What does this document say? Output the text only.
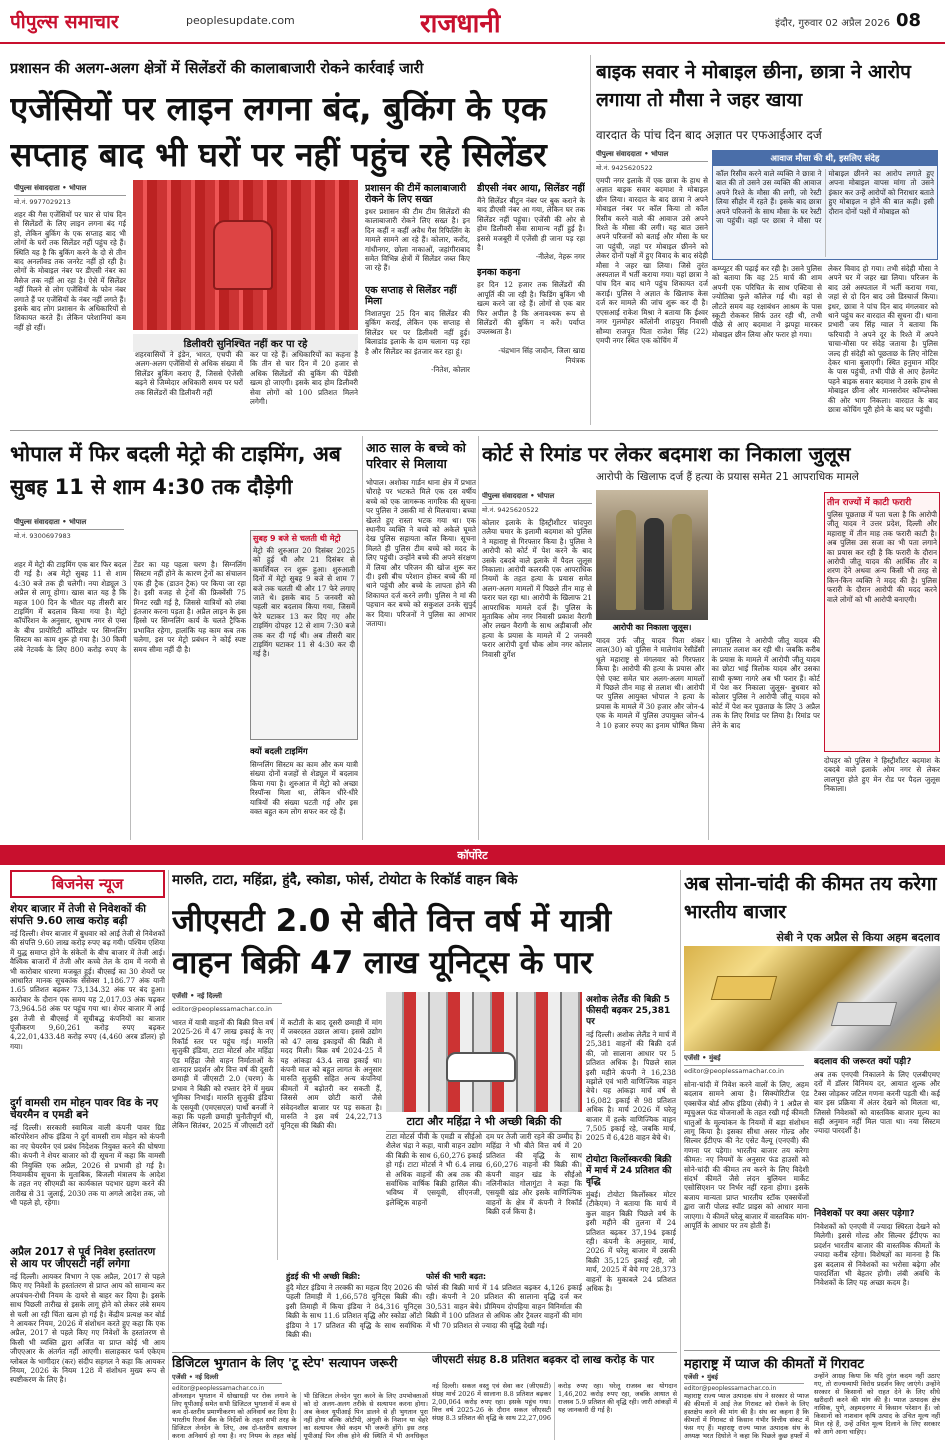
पीपुल्स समाचार	peoplesupdate.com	राजधानी	इंदौर, गुरुवार 02 अप्रैल 2026 08
प्रशासन की अलग-अलग क्षेत्रों में सिलेंडरों की कालाबाजारी रोकने कार्रवाई जारी
एजेंसियों पर लाइन लगना बंद, बुकिंग के एक सप्ताह बाद भी घरों पर नहीं पहुंच रहे सिलेंडर
पीपुल्स संवाददाता • भोपाल
मो.नं. 9977029213
शहर की गैस एजेंसियों पर चार से पांच दिन से सिलेंडरों के लिए लाइन लगना बंद गई हो, लेकिन बुकिंग के एक सप्ताह बाद भी लोगों के घरों तक सिलेंडर नहीं पहुंच रहे हैं। स्थिति यह है कि बुकिंग करने के दो से तीन बाद अनलॉक्ड तक जनरेट नहीं हो रही है। लोगों के मोबाइल नंबर पर डीएसी नंबर का मैसेज तक नहीं आ रहा है। ऐसे में सिलेंडर नहीं मिलने से लोग एजेंसियों के फोन नंबर लगाते हैं पर एजेंसियों के नंबर नहीं लगते हैं। इसके बाद लोग प्रशासन के अधिकारियों से शिकायत करते हैं। लेकिन परेशानियां कम नहीं हो रहीं।
डिलीवरी सुनिश्चित नहीं कर पा रहे
शहरवासियों ने इंडेन, भारत, एचपी की अलग-अलग एजेंसियों से अधिक संख्या में सिलेंडर बुकिंग कराए हैं, जिससे ऐजेंसी बढ़ने से जिम्मेदार अधिकारी समय पर घरों तक सिलेंडरों की डिलीवरी नहीं
कर पा रहे हैं। अधिकारियों का कहना है कि तीन से चार दिन में 20 हजार से अधिक सिलेंडरों की बुकिंग की पेंडेंसी खत्म हो जाएगी। इसके बाद होम डिलीवरी सेवा लोगों को 100 प्रतिशत मिलने लगेगी।
प्रशासन की टीमें कालाबाजारी रोकने के लिए सख्त
इधर प्रशासन की टीम टीम सिलेंडरों की कालाबाजारी रोकने लिए सख्त है। इन दिन कहीं न कहीं अवैध गैस रिफिलिंग के मामले सामने आ रहे हैं। कोलार, करोंद, गांधीनगर, छोला नाकाओं, जहांगीराबाद समेत विभिन्न क्षेत्रों में सिलेंडर जब्त किए जा रहे हैं।
एक सप्ताह से सिलेंडर नहीं मिला
निशातपुरा 25 दिन बाद सिलेंडर की बुकिंग कराई, लेकिन एक सप्ताह से सिलेंडर घर पर डिलीवरी नहीं हुई। बिलाडांड इलाके के दाम चलाना पड़ रहा है और सिलेंडर का इंतजार कर रहा हूं।
-नितेश, कोलार
डीएसी नंबर आया, सिलेंडर नहीं
मैंने सिलेंडर बीटुन नंबर पर बुक कराने के बाद डीएसी नंबर आ गया, लेकिन घर तक सिलेंडर नहीं पहुंचा। एजेंसी की ओर से होम डिलीवरी सेवा सामान्य नहीं हुई है। इससे मजबूरी में एजेंसी ही जाना पड़ रहा है।
-नीलेश, नेहरू नगर
इनका कहना
हर दिन 12 हजार तक सिलेंडरों की आपूर्ति की जा रही है। फिडिंग बुकिंग भी खत्म करने जा रहे हैं। लोगों से एक बार फिर अपील है कि अनावश्यक रूप से सिलेंडरों की बुकिंग न करें। पर्याप्त उपलब्धता है।
-चंद्रभान सिंह जादौन, जिला खाद्य नियंत्रक
बाइक सवार ने मोबाइल छीना, छात्रा ने आरोप लगाया तो मौसा ने जहर खाया
वारदात के पांच दिन बाद अज्ञात पर एफआईआर दर्ज
पीपुल्स संवाददाता • भोपाल
मो.नं. 9425620522
एमपी नगर इलाके में एक छात्रा के हाथ से अज्ञात बाइक सवार बदमाश ने मोबाइल छीन लिया। वारदात के बाद छात्रा ने अपने मोबाइल नंबर पर कॉल किया तो कॉल रिसीव करने वाले की आवाज उसे अपने रिश्ते के मौसा की लगी। यह बात उसने अपने परिजनों को बताई और मौसा के घर जा पहुंची, जहां पर मोबाइल छीनने को लेकर दोनों पक्षों में हुए विवाद के बाद संदेही मौसा ने जहर खा लिया। जिसे तुरंत अस्पताल में भर्ती कराया गया। यहां छात्रा ने पांच दिन बाद थाने पहुंच शिकायत दर्ज कराई। पुलिस ने अज्ञात के खिलाफ केस दर्ज कर मामले की जांच शुरू कर दी है। एएसआई राकेश मिश्रा ने बताया कि ईश्वर नगर गुलमोहर कॉलोनी शाहपुरा निवासी सौम्या राजपूत पिता राजेश सिंह (22) एमपी नगर स्थित एक कोचिंग में
आवाज मौसा की थी, इसलिए संदेह
कॉल रिसीव करने वाले व्यक्ति ने छात्रा ने बात की तो उसने उस व्यक्ति की आवाज अपने रिश्ते के मौसा की लगी, जो रेस्टी लिया सीहोर में रहते हैं। इसके बाद छात्रा अपने परिजनों के साथ मौसा के घर रेस्टी जा पहुंची। वहां पर छात्रा ने मौसा पर मोबाइल छीनने का आरोप लगाते हुए अपना मोबाइल वापस मांगा तो उसने इंकार कर उन्हें आरोपों को निराधार बताते हुए मोबाइल न होने की बात कही। इसी दौरान दोनों पक्षों में मोबाइल को
कम्प्यूटर की पढ़ाई कर रही है। उसने पुलिस को बताया कि वह 25 मार्च की शाम अपनी एक परिचित के साथ एक्टिवा से ज्योतिबा फुले कॉलेज गई थी। वहां से लौटते समय वह रक्षाबंधन आश्रम के पास स्कूटी रोककर सिर्फ उतर रही थी, तभी पीछे से आए बदमाश ने झपट्टा मारकर मोबाइल छीन लिया और फरार हो गया।
लेकर विवाद हो गया। तभी संदेही मौसा ने अपने घर में जहर खा लिया। परिजन के बाद उसे अस्पताल में भर्ती कराया गया, जहां से दो दिन बाद उसे डिस्चार्ज किया। इधर, छात्रा ने पांच दिन बाद मंगलवार को थाने पहुंच कर वारदात की सूचना दी। थाना प्रभारी जय सिंह ग्वाल ने बताया कि फरियादी ने अपने दूर के रिश्ते में अपने चाचा-मौसा पर संदेह जताया है। पुलिस जल्द ही संदेही को पूछताछ के लिए नोटिस देकर थाना बुलाएगी। स्थित हनुमान मंदिर के पास पहुंची, तभी पीछे से आए हेलमेट पहने बाइक सवार बदमाश ने उसके हाथ से मोबाइल छीना और मानसरोवर कॉम्प्लेक्स की ओर भाग निकला। वारदात के बाद छात्रा कोचिंग पूरी होने के बाद घर पहुंची।
भोपाल में फिर बदली मेट्रो की टाइमिंग, अब सुबह 11 से शाम 4:30 तक दौड़ेगी
पीपुल्स संवाददाता • भोपाल
मो.नं. 9300697983
शहर में मेट्रो की टाइमिंग एक बार फिर बदल दी गई है। अब मेट्रो सुबह 11 से शाम 4:30 बजे तक ही चलेगी। नया शेड्यूल 3 अप्रैल से लागू होगा। खास बात यह है कि महज 100 दिन के भीतर यह तीसरी बार टाइमिंग में बदलाव किया गया है। मेट्रो कॉर्पोरेशन के अनुसार, सुभाष नगर से एम्स के बीच प्रायोरिटी कॉरिडोर पर सिग्नलिंग सिस्टम का काम शुरू हो गया है। 30 किमी लंबे नेटवर्क के लिए 800 करोड़ रुपए के टेंडर का यह पहला चरण है। सिग्नलिंग सिस्टम नहीं होने के कारण ट्रेनों का संचालन एक ही ट्रैक (डाउन ट्रैक) पर किया जा रहा है। इसी वजह से ट्रेनों की फ्रिक्वेंसी 75 मिनट रखी गई है, जिससे यात्रियों को लंबा इंतजार करना पड़ता है। अप्रैल लाइन के इस हिस्से पर सिग्नलिंग कार्य के चलते ट्रैफिक प्रभावित रहेगा, हालांकि यह काम कब तक चलेगा, इस पर मेट्रो प्रबंधन ने कोई स्पष्ट समय सीमा नहीं दी है।
सुबह 9 बजे से चलती थी मेट्रो
मेट्रो की शुरुआत 20 दिसंबर 2025 को हुई थी और 21 दिसंबर से कमर्शियल रन शुरू हुआ। शुरुआती दिनों में मेट्रो सुबह 9 बजे से शाम 7 बजे तक चलती थी और 17 फेरे लगाए जाते थे। इसके बाद 5 जनवरी को पहली बार बदलाव किया गया, जिसमें फेरे घटाकर 13 कर दिए गए और टाइमिंग दोपहर 12 से शाम 7:30 बजे तक कर दी गई थी। अब तीसरी बार टाइमिंग घटाकर 11 से 4:30 कर दी गई है।
क्यों बदली टाइमिंग
सिग्नलिंग सिस्टम का काम और कम यात्री संख्या दोनों वजहों से शेड्यूल में बदलाव किया गया है। शुरुआत में मेट्रो को अच्छा रिस्पॉन्स मिला था, लेकिन धीरे-धीरे यात्रियों की संख्या घटती गई और इस वक्त बहुत कम लोग सफर कर रहे हैं।
आठ साल के बच्चे को परिवार से मिलाया
भोपाल। अशोका गार्डन थाना क्षेत्र में प्रभात चौराहे पर भटकते मिले एक दस वर्षीय बच्चे को एक जागरूक नागरिक की सूचना पर पुलिस ने उसकी मां से मिलवाया। बच्चा खेलते हुए रास्ता भटक गया था। एक स्थानीय व्यक्ति ने बच्चे को अकेले घूमते देख पुलिस सहायता कॉल किया। सूचना मिलते ही पुलिस टीम बच्चे को मदद के लिए पहुंची। उन्होंने बच्चे की अपने संरक्षण में लिया और परिजन की खोज शुरू कर दी। इसी बीच परेशान होकर बच्चे की मां थाने पहुंची और बच्चे के लापता होने की शिकायत दर्ज करने लगी। पुलिस ने मां की पहचान कर बच्चे को सकुशल उनके सुपुर्द कर दिया। परिजनों ने पुलिस का आभार जताया।
कोर्ट से रिमांड पर लेकर बदमाश का निकाला जुलूस
आरोपी के खिलाफ दर्ज हैं हत्या के प्रयास समेत 21 आपराधिक मामले
पीपुल्स संवाददाता • भोपाल
मो.नं. 9425620522
कोलार इलाके के हिस्ट्रीशीटर चांदपुरा तलैया चमार के इलामी बदमाश को पुलिस ने महाराष्ट्र से गिरफ्तार किया है। पुलिस ने आरोपी को कोर्ट में पेश करने के बाद उसके दबदबे वाले इलाके में पैदल जुलूस निकाला। आरोपी कलरकी एक आपराधिक नियमों के तहत हत्या के प्रयास समेत अलग-अलग मामलों में पिछले तीन माह से फरार चल रहा था। आरोपी के खिलाफ 21 आपराधिक मामले दर्ज हैं। पुलिस के मुताबिक ओम नगर निवासी प्रकाश वैरागी और लखन वैरागी के साथ अड़ीबाजी और हत्या के प्रयास के मामले में 2 जनवरी फरार आरोपी दुर्गा चौक ओम नगर कोलार निवासी दुर्गेश
आरोपी का निकाला जुलूस।
यादव उर्फ जीतू यादव पिता शंकर लाल(30) को पुलिस ने मालेगांव रेसीडेंसी धूले महाराष्ट्र से मंगलवार को गिरफ्तार किया है। आरोपी की हत्या के प्रयास और ऐसे एक्ट समेत चार अलग-अलग मामलों में पिछले तीन माह से तलाश थी। आरोपी पर पुलिस आयुक्त भोपाल ने हत्या के प्रयास के मामले में 30 हजार और जोन-4 एक के मामले में पुलिस उपायुक्त जोन-4 ने 10 हजार रुपए का इनाम घोषित किया था। पुलिस ने आरोपी जीतू यादव की लगातार तलाश कर रही थी। जबकि करीब के प्रयास के मामले में आरोपी जीतू यादव का छोटा भाई त्रिलोक यादव और उसका साथी कृष्णा नागरे अब भी फरार हैं। कोर्ट में पेश कर निकाला जुलूस- बुधवार को कोलार पुलिस ने आरोपी जीतू यादव को कोर्ट में पेश कर पूछताछ के लिए 3 अप्रैल तक के लिए रिमांड पर लिया है। रिमांड पर लेने के बाद
तीन राज्यों में काटी फरारी
पुलिस पूछताछ में पता चला है कि आरोपी जीतू यादव ने उत्तर प्रदेश, दिल्ली और महाराष्ट्र में तीन माह तक फरारी काटी है। अब पुलिस उस सजा का भी पता लगाने का प्रयास कर रही है कि फरारी के दौरान आरोपी जीतू यादव की आर्थिक तौर व शरण देने अथवा अन्य किसी भी तरह से किन-किन व्यक्ति ने मदद की है। पुलिस फरारी के दौरान आरोपी की मदद करने वाले लोगों को भी आरोपी बनाएगी।
दोपहर को पुलिस ने हिस्ट्रीशीटर बदमाश के दबदबे वाले इलाके ओम नगर से लेकर लालपुरा होते हुए मेन रोड पर पैदल जुलूस निकाला।
कॉर्पोरेट
बिजनेस न्यूज
शेयर बाजार में तेजी से निवेशकों की संपत्ति 9.60 लाख करोड़ बढ़ी
नई दिल्ली। शेयर बाजार में बुधवार को आई तेजी से निवेशकों की संपत्ति 9.60 लाख करोड़ रुपए बढ़ गयी। पश्चिम एशिया में युद्ध समाप्त होने के संकेतों के बीच बाजार में तेजी आई। वैश्विक बाजारों में तेजी और कच्चे तेल के दाम में नरमी से भी कारोबार धारणा मजबूत हुई। बीएसई का 30 शेयरों पर आधारित मानक सूचकांक सेंसेक्स 1,186.77 अंक यानी 1.65 प्रतिशत बढ़कर 73,134.32 अंक पर बंद हुआ। कारोबार के दौरान एक समय यह 2,017.03 अंक चढ़कर 73,964.58 अंक पर पहुंच गया था। शेयर बाजार में आई इस तेजी से बीएसई में सूचीबद्ध कंपनियों का बाजार पूंजीकरण 9,60,261 करोड़ रुपए बढ़कर 4,22,01,433.48 करोड़ रुपए (4,460 अरब डॉलर) हो गया।
दुर्ग वामसी राम मोहन पावर विड के नए चेयरमैन व एमडी बने
नई दिल्ली। सरकारी स्वामित्व वाली कंपनी पावर ग्रिड कॉरपोरेशन ऑफ इंडिया ने दुर्ग वामसी राम मोहन को कंपनी का नए चेयरमैन एवं प्रबंध निदेशक नियुक्त करने की घोषणा की। कंपनी ने शेयर बाजार को दी सूचना में कहा कि वामसी की नियुक्ति एक अप्रैल, 2026 से प्रभावी हो गई है। नियामकीय सूचना के मुताबिक, बिजली मंत्रालय के आदेश के तहत नए सीएमडी का कार्यकाल पदभार ग्रहण करने की तारीख से 31 जुलाई, 2030 तक या अगले आदेश तक, जो भी पहले हो, रहेगा।
अप्रैल 2017 से पूर्व निवेश हस्तांतरण से आय पर जीएसटी नहीं लगेगा
नई दिल्ली। आयकर विभाग ने एक अप्रैल, 2017 से पहले किए गए निवेशों के हस्तांतरण से प्राप्त आय को सामान्य कर अपवंचन-रोधी नियम के दायरे से बाहर कर दिया है। इसके साथ पिछली तारीख से इसके लागू होने को लेकर लंबे समय से चली आ रही चिंता खत्म हो गई है। केंद्रीय प्रत्यक्ष कर बोर्ड ने आयकर नियम, 2026 में संशोधन करते हुए कहा कि एक अप्रैल, 2017 से पहले किए गए निवेशों के हस्तांतरण से किसी भी व्यक्ति द्वारा अर्जित या प्राप्त कोई भी आय जीएएआर के अंतर्गत नहीं आएगी। सलाहकार फर्म एकेएम ग्लोबल के भागीदार (कर) संदीप सहगल ने कहा कि आयकर नियम, 2026 के नियम 128 में संशोधन मुख्य रूप से स्पष्टीकरण के लिए है।
मारुति, टाटा, महिंद्रा, हुंदै, स्कोडा, फोर्स, टोयोटा के रिकॉर्ड वाहन बिके
जीएसटी 2.0 से बीते वित्त वर्ष में यात्री वाहन बिक्री 47 लाख यूनिट्स के पार
एजेंसी • नई दिल्ली
editor@peoplessamachar.co.in
भारत में यात्री वाहनों की बिक्री वित्त वर्ष 2025-26 में 47 लाख इकाई के नए रिकॉर्ड स्तर पर पहुंच गई। मारुति सुजुकी इंडिया, टाटा मोटर्स और महिंद्रा एंड महिंद्रा जैसे वाहन निर्माताओं के शानदार प्रदर्शन और वित्त वर्ष की दूसरी छमाही में जीएसटी 2.0 (चरण) के प्रभाव ने बिक्री को रफ्तार देने में मुख्य भूमिका निभाई। मारुति सुजुकी इंडिया के एसयूवी (एमएसएल) पार्थो बनर्जी ने कहा कि पहली छमाही चुनौतीपूर्ण थी, लेकिन सितंबर, 2025 में जीएसटी दरों में कटौती के बाद दूसरी छमाही में मांग में जबरदस्त उछाल आया। इससे उद्योग को 47 लाख इकाइयों की बिक्री में मदद मिली। बिक्र वर्ष 2024-25 में यह आंकड़ा 43.4 लाख इकाई था। कंपनी माल को बहुत लागत के अनुसार मारुति सुजुकी सहित अन्य कंपनियां कीमतों में बढ़ोतरी कर सकती हैं, जिससे आम छोटी कारों जैसे संवेदनशील बाजार पर पड़ सकता है। मारुति ने इस वर्ष 24,22,713 यूनिट्स की बिक्री की।	टाटा और महिंद्रा ने भी अच्छी बिक्री की
टाटा मोटर्स पीवी के एमडी व सीईओ शैलेश चंद्रा ने कहा, यात्री वाहन उद्योग की बिक्री के साथ 6,60,276 इकाई हो गई। टाटा मोटर्स ने भी 6.4 लाख से अधिक वाहनों की अब तक की सर्वाधिक वार्षिक बिक्री हासिल की। भविष्य में एसयूवी, सीएनजी, इलेक्ट्रिक वाहनों
दम पर तेजी जारी रहने की उम्मीद है। महिंद्रा ने भी बीते वित्त वर्ष में 20 प्रतिशत की वृद्धि के साथ 6,60,276 वाहनों की बिक्री की। कंपनी वाहन खंड के सीईओ नलिनीकांत गोलागुंटा ने कहा कि एसयूवी खंड और इसके वाणिज्यिक वाहनों के क्षेत्र में कंपनी ने रिकॉर्ड बिक्री दर्ज किया है।
हुंडई की भी अच्छी बिक्री:
हुंदै मोटर इंडिया ने तरक्की का महत्व दिए 2026 की पहली तिमाही में 1,66,578 यूनिट्स बिक्री की। इसी तिमाही में किया इंडिया ने 84,316 यूनिट्स बिक्री के साथ 11.6 प्रतिशत वृद्धि और स्कोडा ऑटो इंडिया ने 17 प्रतिशत की वृद्धि के साथ सर्वाधिक बिक्री की।
फोर्स की भारी बढ़त:
फोर्स की बिक्री मार्च में 14 प्रतिशत बढ़कर 4,126 इकाई रही। कंपनी ने 20 प्रतिशत की सालाना वृद्धि दर्ज कर 30,531 वाहन बेचे। प्रीमियम दोपहिया वाहन विनिर्माता की बिक्री में 100 प्रतिशत से अधिक और ट्रैवलर वाहनों की मांग में भी 70 प्रतिशत से ज्यादा की वृद्धि देखी गई।
अशोक लेलैंड की बिक्री 5 फीसदी बढ़कर 25,381 पर
नई दिल्ली। अशोक लेलैंड ने मार्च में 25,381 वाहनों की बिक्री दर्ज की, जो सालाना आधार पर 5 प्रतिशत अधिक है। पिछले साल इसी महीने कंपनी ने 16,238 मझोले एवं भारी वाणिज्यिक वाहन बेचे। यह आंकड़ा मार्च वर्ष से 16,082 इकाई से 98 प्रतिशत अधिक है। मार्च 2026 में घरेलू बाजार में हल्के वाणिज्यिक वाहन 7,505 इकाई रहे, जबकि मार्च, 2025 में 6,428 वाहन बेचे थे।
टोयोटा किर्लोस्करकी बिक्री में मार्च में 24 प्रतिशत की वृद्धि
मुंबई। टोयोटा किर्लोस्कर मोटर (टीकेएम) ने बताया कि मार्च में कुल वाहन बिक्री पिछले वर्ष के इसी महीने की तुलना में 24 प्रतिशत बढ़कर 37,194 इकाई रही। कंपनी के अनुसार, मार्च, 2026 में घरेलू बाजार में उसकी बिक्री 35,125 इकाई रही, जो मार्च, 2025 में बेचे गए 28,373 वाहनों के मुकाबले 24 प्रतिशत अधिक है।
डिजिटल भुगतान के लिए 'टू स्टेप' सत्यापन जरूरी
एजेंसी • नई दिल्ली
editor@peoplessamachar.co.in
ऑनलाइन भुगतान में धोखाधड़ी पर रोक लगाने के लिए यूपीआई समेत सभी डिजिटल भुगतानों में कम से कम दो-स्तरीय प्रमाणीकरण को अनिवार्य कर दिया है। भारतीय रिजर्व बैंक के निर्देशों के तहत सभी तरह के डिजिटल लेनदेन के लिए, अब दो-स्तरीय सत्यापन करना अनिवार्य हो गया है। नए नियम के तहत कोई भी डिजिटल लेनदेन पूरा करने के लिए उपभोक्ताओं को दो अलग-अलग तरीके से सत्यापन करना होगा। अब केवल यूपीआई पिन डालने से ही भुगतान पूरा नहीं होगा बल्कि ओटीपी, अंगुली के निशान या चेहरे का सत्यापन जैसे कदम भी जरूरी होंगे। इस तरह यूपीआई पिन लीक होने की स्थिति में भी अनधिकृत
जीएसटी संग्रह 8.8 प्रतिशत बढ़कर दो लाख करोड़ के पार
नई दिल्ली। सकल वस्तु एवं सेवा कर (जीएसटी) संग्रह मार्च 2026 में सालाना 8.8 प्रतिशत बढ़कर 2,00,064 करोड़ रुपए रहा। इसके पहुंच गया। वित्त वर्ष 2025-26 के दौरान सकल जीएसटी संग्रह 8.3 प्रतिशत की वृद्धि के साथ 22,27,096 करोड़ रुपए रहा। घरेलू राजस्व का योगदान 1,46,202 करोड़ रुपए रहा, जबकि आयात से राजस्व 5.9 प्रतिशत की वृद्धि रही। जारी आंकड़ों में यह जानकारी दी गई है।
अब सोना-चांदी की कीमत तय करेगा भारतीय बाजार
सेबी ने एक अप्रैल से किया अहम बदलाव
एजेंसी • मुंबई
editor@peoplessamachar.co.in
सोना-चांदी में निवेश करने वालों के लिए, अहम बदलाव सामने आया है। सिक्योरिटीज एंड एक्सचेंज बोर्ड ऑफ इंडिया (सेबी) ने 1 अप्रैल से म्यूचुअल फंड योजनाओं के तहत रखी गई कीमती धातुओं के मूल्यांकन के नियमों में बड़ा संशोधन लागू किया है। इसका सीधा असर गोल्ड और सिल्वर ईटीएफ की नेट एसेट वैल्यू (एनएवी) की गणना पर पड़ेगा। भारतीय बाजार तय करेगा कीमत: नए नियमों के अनुसार फंड हाउसों को सोने-चांदी की कीमत तय करने के लिए विदेशी संदर्भ कीमतें जैसे लंदन बुलियन मार्केट एसोसिएशन पर निर्भर नहीं रहना होगा। इसके बजाय मान्यता प्राप्त भारतीय स्टॉक एक्सचेंजों द्वारा जारी पोलड स्पॉट प्राइस को आधार माना जाएगा। ये कीमतें घरेलू बाजार में वास्तविक मांग-आपूर्ति के आधार पर तय होती हैं।
बदलाव की जरूरत क्यों पड़ी?
अब तक एनएवी निकालने के लिए एलबीएमए दरों में डॉलर विनिमय दर, आयात शुल्क और टैक्स जोड़कर जटिल गणना करनी पड़ती थी। कई बार इस प्रक्रिया में अंतर देखने को मिलता था, जिससे निवेशकों को वास्तविक बाजार मूल्य का सही अनुमान नहीं मिल पाता था। नया सिस्टम ज्यादा पारदर्शी है।
निवेशकों पर क्या असर पड़ेगा?
निवेशकों को एनएवी में ज्यादा स्थिरता देखने को मिलेगी। इससे गोल्ड और सिल्वर ईटीएफ का प्रदर्शन भारतीय बाजार की वास्तविक कीमतों के ज्यादा करीब रहेगा। विशेषज्ञों का मानना है कि इस बदलाव से निवेशकों का भरोसा बढ़ेगा और पारदर्शिता भी बेहतर होगी। लंबी अवधि के निवेशकों के लिए यह अच्छा कदम है।
महाराष्ट्र में प्याज की कीमतों में गिरावट
एजेंसी • मुंबई
editor@peoplessamachar.co.in
महाराष्ट्र राज्य प्याज उत्पादक संघ ने सरकार से प्याज की कीमतों में आई तेज गिरावट को रोकने के लिए हस्तक्षेप करने की मांग की है। संघ का कहना है कि कीमतों में गिरावट से किसान गंभीर वित्तीय संकट में फंस गए हैं। महाराष्ट्र राज्य प्याज उत्पादक संघ के अध्यक्ष भरत दिघोले ने कहा कि पिछले कुछ हफ्तों में
उन्होंने आग्रह किया कि यदि तुरंत कदम नहीं उठाए गए, तो राज्यव्यापी विरोध प्रदर्शन किए जाएंगे। उन्होंने सरकार से किसानों को राहत देने के लिए सीधे खरीदारी करने की मांग की है। प्याज उत्पादक क्षेत्र नासिक, पुणे, अहमदनगर में किसान परेशान हैं। जो किसानों को नाशवान कृषि उत्पाद के उचित मूल्य नहीं मिल रहे हैं, उन्हें उचित मूल्य दिलाने के लिए सरकार को आगे आना चाहिए।
